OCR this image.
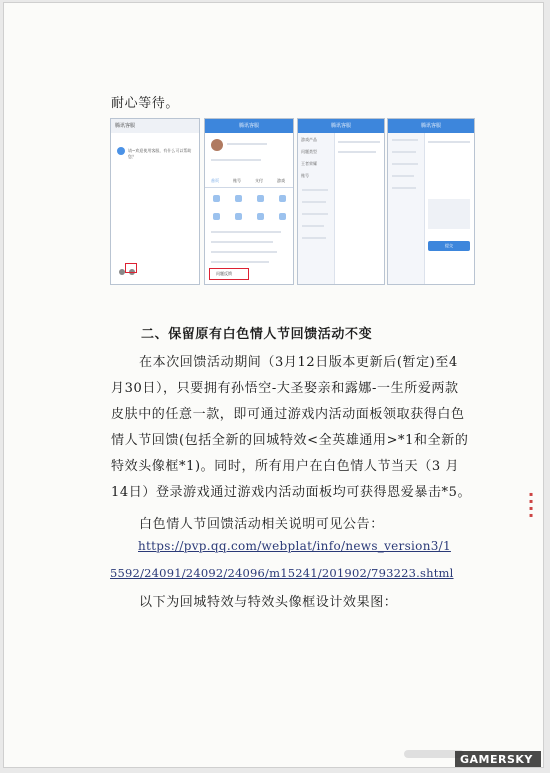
耐心等待。

腾讯客服
请~欢迎使用客服，有什么可以帮助您？
腾讯客服
首页	账号	支付	游戏
问题反馈
腾讯客服
游戏产品
问题类型
王者荣耀
账号
腾讯客服
提交

二、保留原有白色情人节回馈活动不变

在本次回馈活动期间（3月12日版本更新后(暂定)至4

月30日），只要拥有孙悟空-大圣娶亲和露娜-一生所爱两款

皮肤中的任意一款，即可通过游戏内活动面板领取获得白色

情人节回馈(包括全新的回城特效<全英雄通用>*1和全新的

特效头像框*1)。同时，所有用户在白色情人节当天（3 月

14日）登录游戏通过游戏内活动面板均可获得恩爱暴击*5。

白色情人节回馈活动相关说明可见公告：

https://pvp.qq.com/webplat/info/news_version3/1

5592/24091/24092/24096/m15241/201902/793223.shtml

以下为回城特效与特效头像框设计效果图：

▪
▪
▪
▪
GAMERSKY
